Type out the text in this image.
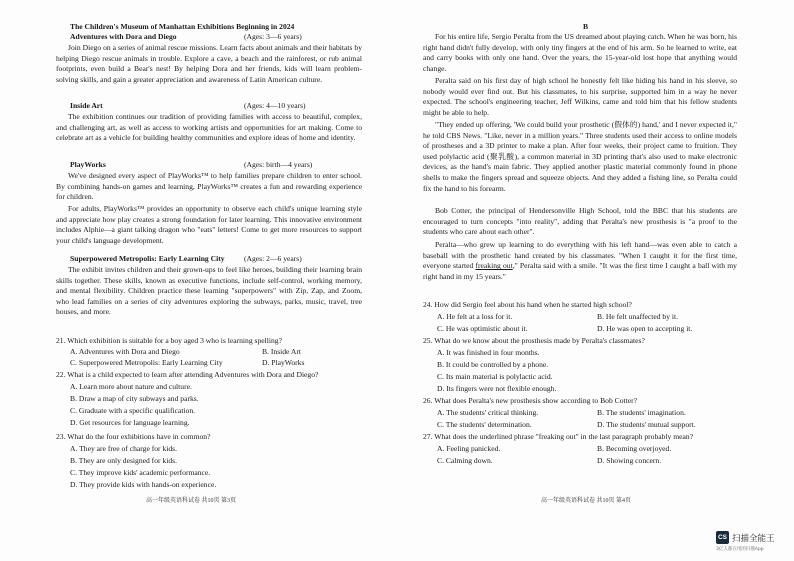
The Children's Museum of Manhattan Exhibitions Beginning in 2024
Adventures with Dora and Diego	(Ages: 3—6 years)
Join Diego on a series of animal rescue missions. Learn facts about animals and their habitats by helping Diego rescue animals in trouble. Explore a cave, a beach and the rainforest, or rub animal footprints, even build a Bear's nest! By helping Dora and her friends, kids will learn problem-solving skills, and gain a greater appreciation and awareness of Latin American culture.
Inside Art	(Ages: 4—10 years)
The exhibition continues our tradition of providing families with access to beautiful, complex, and challenging art, as well as access to working artists and opportunities for art making. Come to celebrate art as a vehicle for building healthy communities and explore ideas of home and identity.
PlayWorks	(Ages: birth—4 years)
We've designed every aspect of PlayWorks™ to help families prepare children to enter school. By combining hands-on games and learning, PlayWorks™ creates a fun and rewarding experience for children.
For adults, PlayWorks™ provides an opportunity to observe each child's unique learning style and appreciate how play creates a strong foundation for later learning. This innovative environment includes Alphie—a giant talking dragon who "eats" letters! Come to get more resources to support your child's language development.
Superpowered Metropolis: Early Learning City	(Ages: 2—6 years)
The exhibit invites children and their grown-ups to feel like heroes, building their learning brain skills together. These skills, known as executive functions, include self-control, working memory, and mental flexibility. Children practice these learning "superpowers" with Zip, Zap, and Zoom, who lead families on a series of city adventures exploring the subways, parks, music, travel, tree houses, and more.
21. Which exhibition is suitable for a boy aged 3 who is learning spelling?
A. Adventures with Dora and Diego	B. Inside Art
C. Superpowered Metropolis: Early Learning City	D. PlayWorks
22. What is a child expected to learn after attending Adventures with Dora and Diego?
A. Learn more about nature and culture.
B. Draw a map of city subways and parks.
C. Graduate with a specific qualification.
D. Get resources for language learning.
23. What do the four exhibitions have in common?
A. They are free of charge for kids.
B. They are only designed for kids.
C. They improve kids' academic performance.
D. They provide kids with hands-on experience.
高一年级英语科试卷 共10页 第3页
B
For his entire life, Sergio Peralta from the US dreamed about playing catch. When he was born, his right hand didn't fully develop, with only tiny fingers at the end of his arm. So he learned to write, eat and carry books with only one hand. Over the years, the 15-year-old lost hope that anything would change.
Peralta said on his first day of high school he honestly felt like hiding his hand in his sleeve, so nobody would ever find out. But his classmates, to his surprise, supported him in a way he never expected. The school's engineering teacher, Jeff Wilkins, came and told him that his fellow students might be able to help.
"They ended up offering, 'We could build your prosthetic (假体的) hand,' and I never expected it," he told CBS News. "Like, never in a million years." Three students used their access to online models of prostheses and a 3D printer to make a plan. After four weeks, their project came to fruition. They used polylactic acid (聚乳酸), a common material in 3D printing that's also used to make electronic devices, as the hand's main fabric. They applied another plastic material commonly found in phone shells to make the fingers spread and squeeze objects. And they added a fishing line, so Peralta could fix the hand to his forearm.
Bob Cotter, the principal of Hendersonville High School, told the BBC that his students are encouraged to turn concepts "into reality", adding that Peralta's new prosthesis is "a proof to the students who care about each other".
Peralta—who grew up learning to do everything with his left hand—was even able to catch a baseball with the prosthetic hand created by his classmates. "When I caught it for the first time, everyone started freaking out," Peralta said with a smile. "It was the first time I caught a ball with my right hand in my 15 years."
24. How did Sergio feel about his hand when he started high school?
A. He felt at a loss for it.	B. He felt unaffected by it.
C. He was optimistic about it.	D. He was open to accepting it.
25. What do we know about the prosthesis made by Peralta's classmates?
A. It was finished in four months.
B. It could be controlled by a phone.
C. Its main material is polylactic acid.
D. Its fingers were not flexible enough.
26. What does Peralta's new prosthesis show according to Bob Cotter?
A. The students' critical thinking.	B. The students' imagination.
C. The students' determination.	D. The students' mutual support.
27. What does the underlined phrase "freaking out" in the last paragraph probably mean?
A. Feeling panicked.	B. Becoming overjoyed.
C. Calming down.	D. Showing concern.
高一年级英语科试卷 共10页 第4页
CS 扫描全能王
3亿人都在用的扫描App
